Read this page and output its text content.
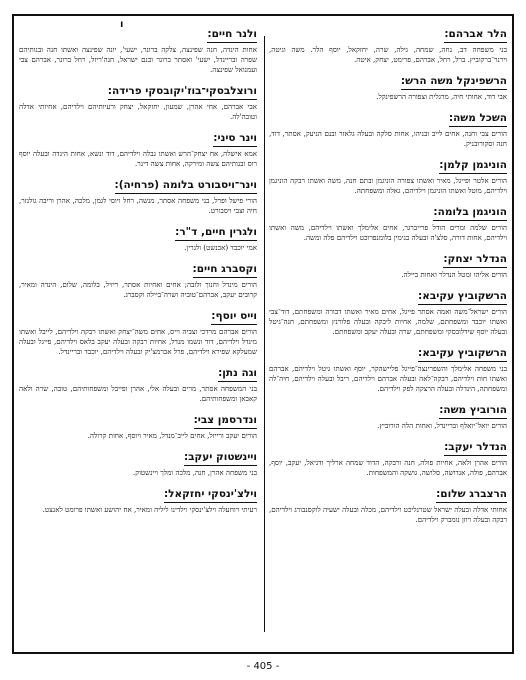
ו
הלר אברהם:
בני משפחה דב, נחה, שמחה, גילה, שרה, יחזקאל, יוסף הלר. משה וגיטה, וירנר־ברקוביץ. ברל, רחל, אברהם, פרימט, יצחק, איטה.
הרשפינקל משה הרש:
אבי דוד, אחותי חיה, מרגלית וצפורה הרשפינקל.
השכל משה:
הורים צבי וחנה, אחים לייב ובניהו, אחות סלקה ובעלה גלאזר ובנם הניעק, אסתר, דוד, חנה וסקורובניק.
הוניגמן קלמן:
הורים אלטר ופייגל, מאיר ואשתו צפורה הוניגמן ובתם חנה, משה ואשתו רבקה הוניגמן וילדיהם, מוטל ואשתו הוניגמן וילדיהם, גאלה ומשפחתה.
הוניגמן בלומה:
הורים שלמה ומרים הודל פרייברגר, אחים אלימלך ואשתו וילדיהם, משה ואשתו וילדיהם, אחות דורה, סלצ'ה ובעלה בנימין בלומנפרוכט וילדיהם פלה ומשה.
הנדלר יצחק:
הורים אליהו ומטל הנדלר ואחות ביילה.
הרשקוביץ עקיבא:
הורים ישראל־משה ואמה אסתר פייגל, אחים מאיר ואשתו דבורה ומשפחתם, דוד־צבי ואשתו יוכבד ומשפחתם, שלמה, אחיות ליבקה ובעלה פלורנץ ומשפחתם, חנה־גיטל ובעלה יוסף שידלובסקי ומשפחתם, שרה ובעלה יעקב ומשפחתם.
הרשקוביץ עקיבא:
בני משפחה אלימלך והשפרינצה־פייגל פליישהקר, יוסף ואשתו גיטל וילדיהם, אברהם ואשתו חות וילדיהם, רבקה־לאה ובעלה אברהם וילדיהם, ריבל ובעלה וילדיהם, חיה־לה ומשפחתה, הינדלה ובעלה הרצקה לפק וילדיהם.
הורוביץ משה:
הורים יואל־יואלף ובריינדל, ואחות הלה הורוביץ.
הנדלר יעקב:
הורים אהרן ולאה, אחיות פולה, חנה ורבקה, הדוד שמחה ארליך ודניאל, יעקב, יוסף, אברהם, פולה, אנדושה, סלושה, גושקה והמשפחות.
הרצברג שלום:
אחותי אדלה ובעלה ישראל שטרנליכט וילדיהם, מכלה ובעלה ישעיה לוקסנבורג וילדיהם, רבקה ובעלה רוזן נומברק וילדיהם.
ולנר חיים:
אחות הינדה, חנה שפינצה, צלקה ברונר, ישעי', יונה שפינצה ואשתו חנה ובנותיהם שפרה ובריינדל, ישעי' ואסתר ברונר ובנם ישראל, חנה'ריזל, רחל ברונר, אברהם צבי ועמנואל שפינצה.
ורוצלבסקי־בוז'יקובסקי פרידה:
אבי אברהם, אחי אהרן, שמעון, יחזקאל, יצחק ורעיותיהם וילדיהם, אחיותי אדלה וטובה'לה.
וינר סיני:
אמא אישלה, אח יצחק־הרש ואשתו גבלה וילדיהם, דוד ונשא, אחות הינדה ובעלה יוסף רוס ובנותיהם צשה ומירקה, אחות צשה דינר.
וינר־ויסבורט בלומה (פרחיה):
הורי פישל ופרל, בני משפחה אסתר, מנשה, רחל ויוסי לגמן, מלכה, אהרן וריבה גולנזר, חיה וצבי ויסבורט.
ולגרין חיים, ד"ר:
אמי יוכבד (אכנשט) ולגרין.
וקסברג חיים:
הורים מינדל וחנוך ולובה; אחים ואחיות אסתר, ריזיל, בלומה, שלום, הינדה ומאיר, קרובים יעקב, אברהם־טוביה ושרה־ביילה וקסברג.
וייס יוסף:
הורים אברהם מרדכי וצביה וייס, אחים משה־יצחק ואשתו רבקה וילדיהם, לייבל ואשתו מינדל וילדיהם, דוד ונשמו מנדל, אחיות רבקה ובעלה יעקב בלאס וילדיהם, פייגל ובעלה שמעלקא שפירא וילדיהם, פרל אברמצ'יק ובעלה וילדיהם, יוכבד ובריינדל.
וגה נתן:
בני המשפחה אסתר, מרים ובעלה אלי, אהרן ופייבל ומשפחותיהם, טובה, שרה ולאה קאבאן ומשפחותיהם.
ונדרסמן צבי:
הורים יעקב ורייזל, אחים לייב־מנדל, מאיר ויוסף, אחות קרולה.
ויינשטוק יעקב:
בני משפחה אהרן, חנה, מלכה ומלך ויינשטוק.
וילצ'ינסקי יחזקאל:
רעיתי רוחעלה וילצ'ינסקי וילדינו ליליה ומאיר, אח יהושע ואשתו פרומט לאנצט.
- 405 -
